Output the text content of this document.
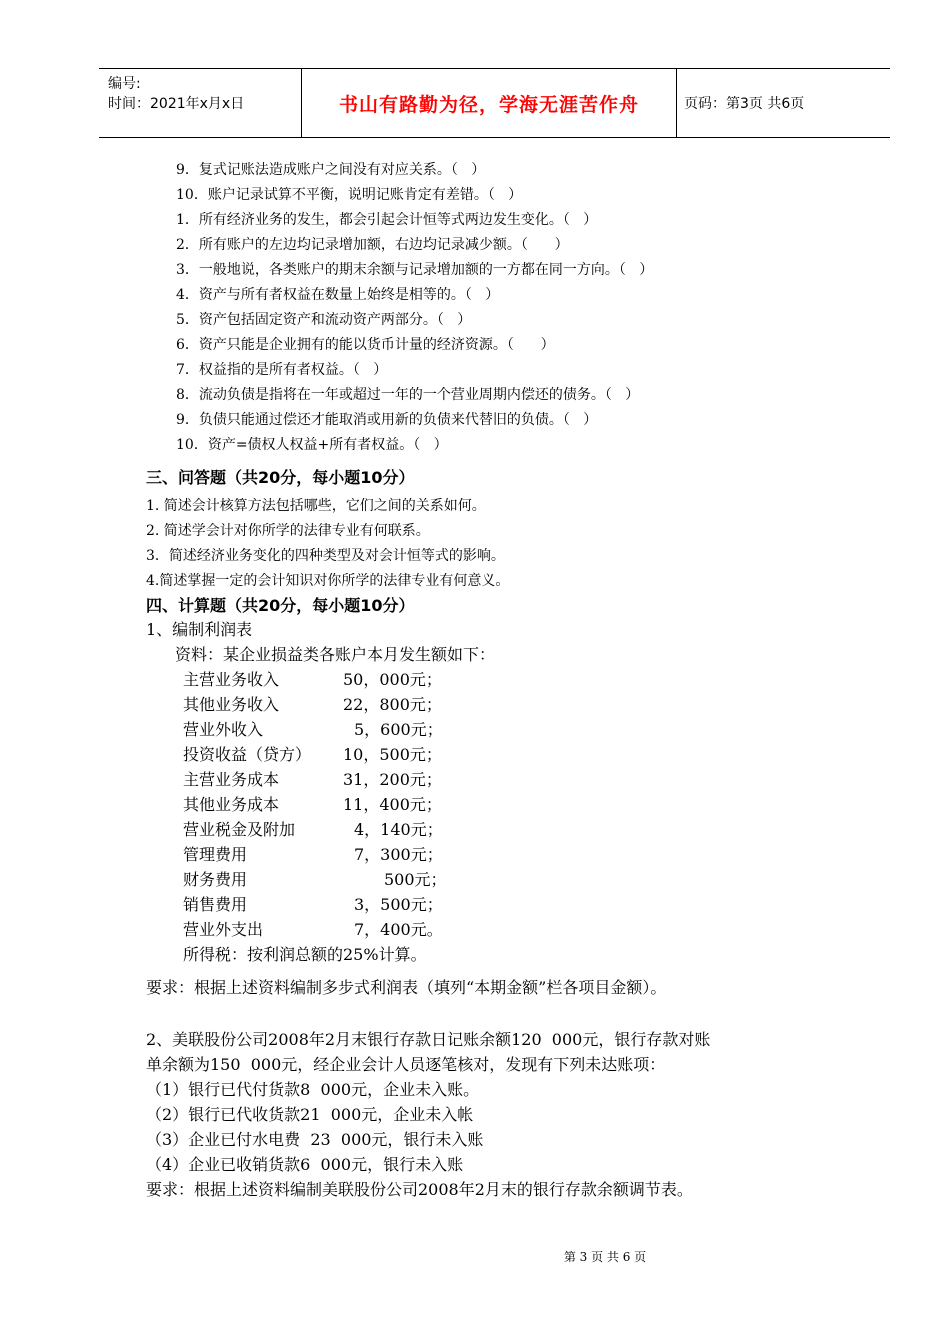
编号:
时间：2021年x月x日	书山有路勤为径，学海无涯苦作舟	页码：第3页 共6页
9．复式记账法造成账户之间没有对应关系。（   ）
10．账户记录试算不平衡，说明记账肯定有差错。（   ）
1．所有经济业务的发生，都会引起会计恒等式两边发生变化。（   ）
2．所有账户的左边均记录增加额，右边均记录减少额。（      ）
3．一般地说，各类账户的期末余额与记录增加额的一方都在同一方向。（   ）
4．资产与所有者权益在数量上始终是相等的。（   ）
5．资产包括固定资产和流动资产两部分。（   ）
6．资产只能是企业拥有的能以货币计量的经济资源。（      ）
7．权益指的是所有者权益。（   ）
8．流动负债是指将在一年或超过一年的一个营业周期内偿还的债务。（   ）
9．负债只能通过偿还才能取消或用新的负债来代替旧的负债。（   ）
10．资产=债权人权益+所有者权益。（   ）
三、问答题（共20分，每小题10分）
1. 简述会计核算方法包括哪些，它们之间的关系如何。
2. 简述学会计对你所学的法律专业有何联系。
3．简述经济业务变化的四种类型及对会计恒等式的影响。
4.简述掌握一定的会计知识对你所学的法律专业有何意义。
四、计算题（共20分，每小题10分）
1、编制利润表
资料：某企业损益类各账户本月发生额如下：
主营业务收入	50，000元；
其他业务收入	22，800元；
营业外收入	5，600元；
投资收益（贷方） 10，500元；
主营业务成本	31，200元；
其他业务成本	11，400元；
营业税金及附加	4，140元；
管理费用	7，300元；
财务费用	500元；
销售费用	3，500元；
营业外支出	7，400元。
所得税：按利润总额的25%计算。
要求：根据上述资料编制多步式利润表（填列“本期金额”栏各项目金额）。
2、美联股份公司2008年2月末银行存款日记账余额120  000元，银行存款对账
单余额为150  000元，经企业会计人员逐笔核对，发现有下列未达账项：
（1）银行已代付货款8  000元，企业未入账。
（2）银行已代收货款21  000元，企业未入帐
（3）企业已付水电费  23  000元，银行未入账
（4）企业已收销货款6  000元，银行未入账
要求：根据上述资料编制美联股份公司2008年2月末的银行存款余额调节表。
第 3 页 共 6 页
